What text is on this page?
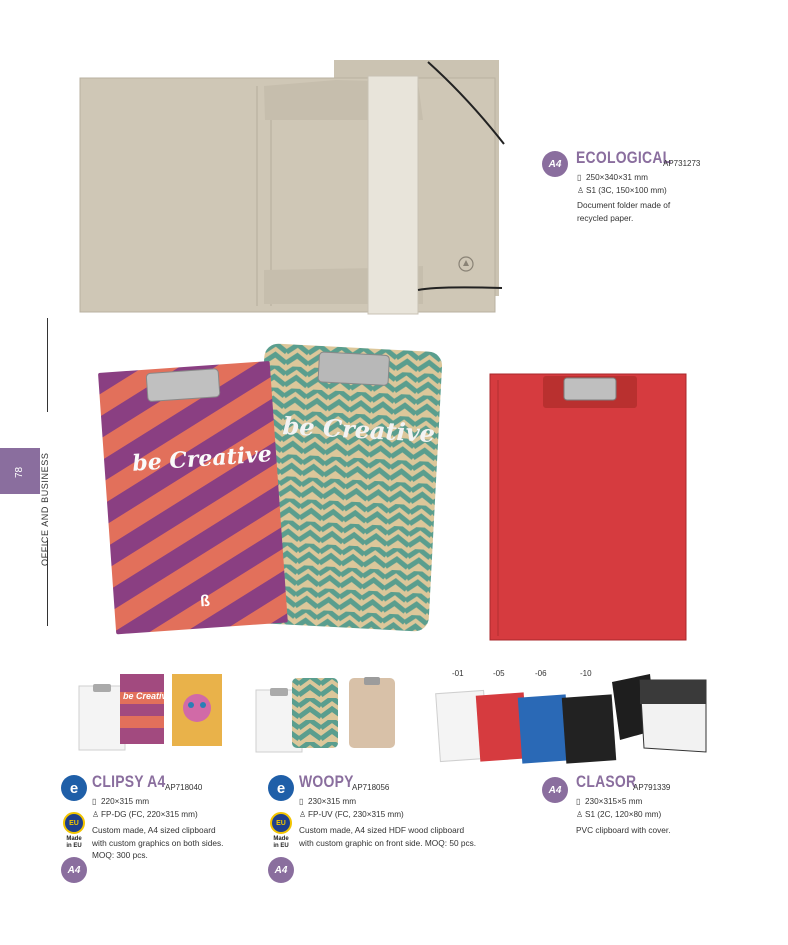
OFFICE AND BUSINESS
78
A4 ECOLOGICAL
AP731273
▯ 250×340×31 mm
♙ S1 (3C, 150×100 mm)
Document folder made of
recycled paper.
be Creative
be Creative
ß
be Creative
-01	-05	-06	-10
e CLIPSY A4 AP718040
▯ 220×315 mm
♙ FP-DG (FC, 220×315 mm)
Custom made, A4 sized clipboard
with custom graphics on both sides.
MOQ: 300 pcs.
EU
Made
in EU
A4
e WOOPY
AP718056
▯ 230×315 mm
♙ FP-UV (FC, 230×315 mm)
Custom made, A4 sized HDF wood clipboard
with custom graphic on front side. MOQ: 50 pcs.
EU
Made
in EU
A4
A4 CLASOR
AP791339
▯ 230×315×5 mm
♙ S1 (2C, 120×80 mm)
PVC clipboard with cover.
